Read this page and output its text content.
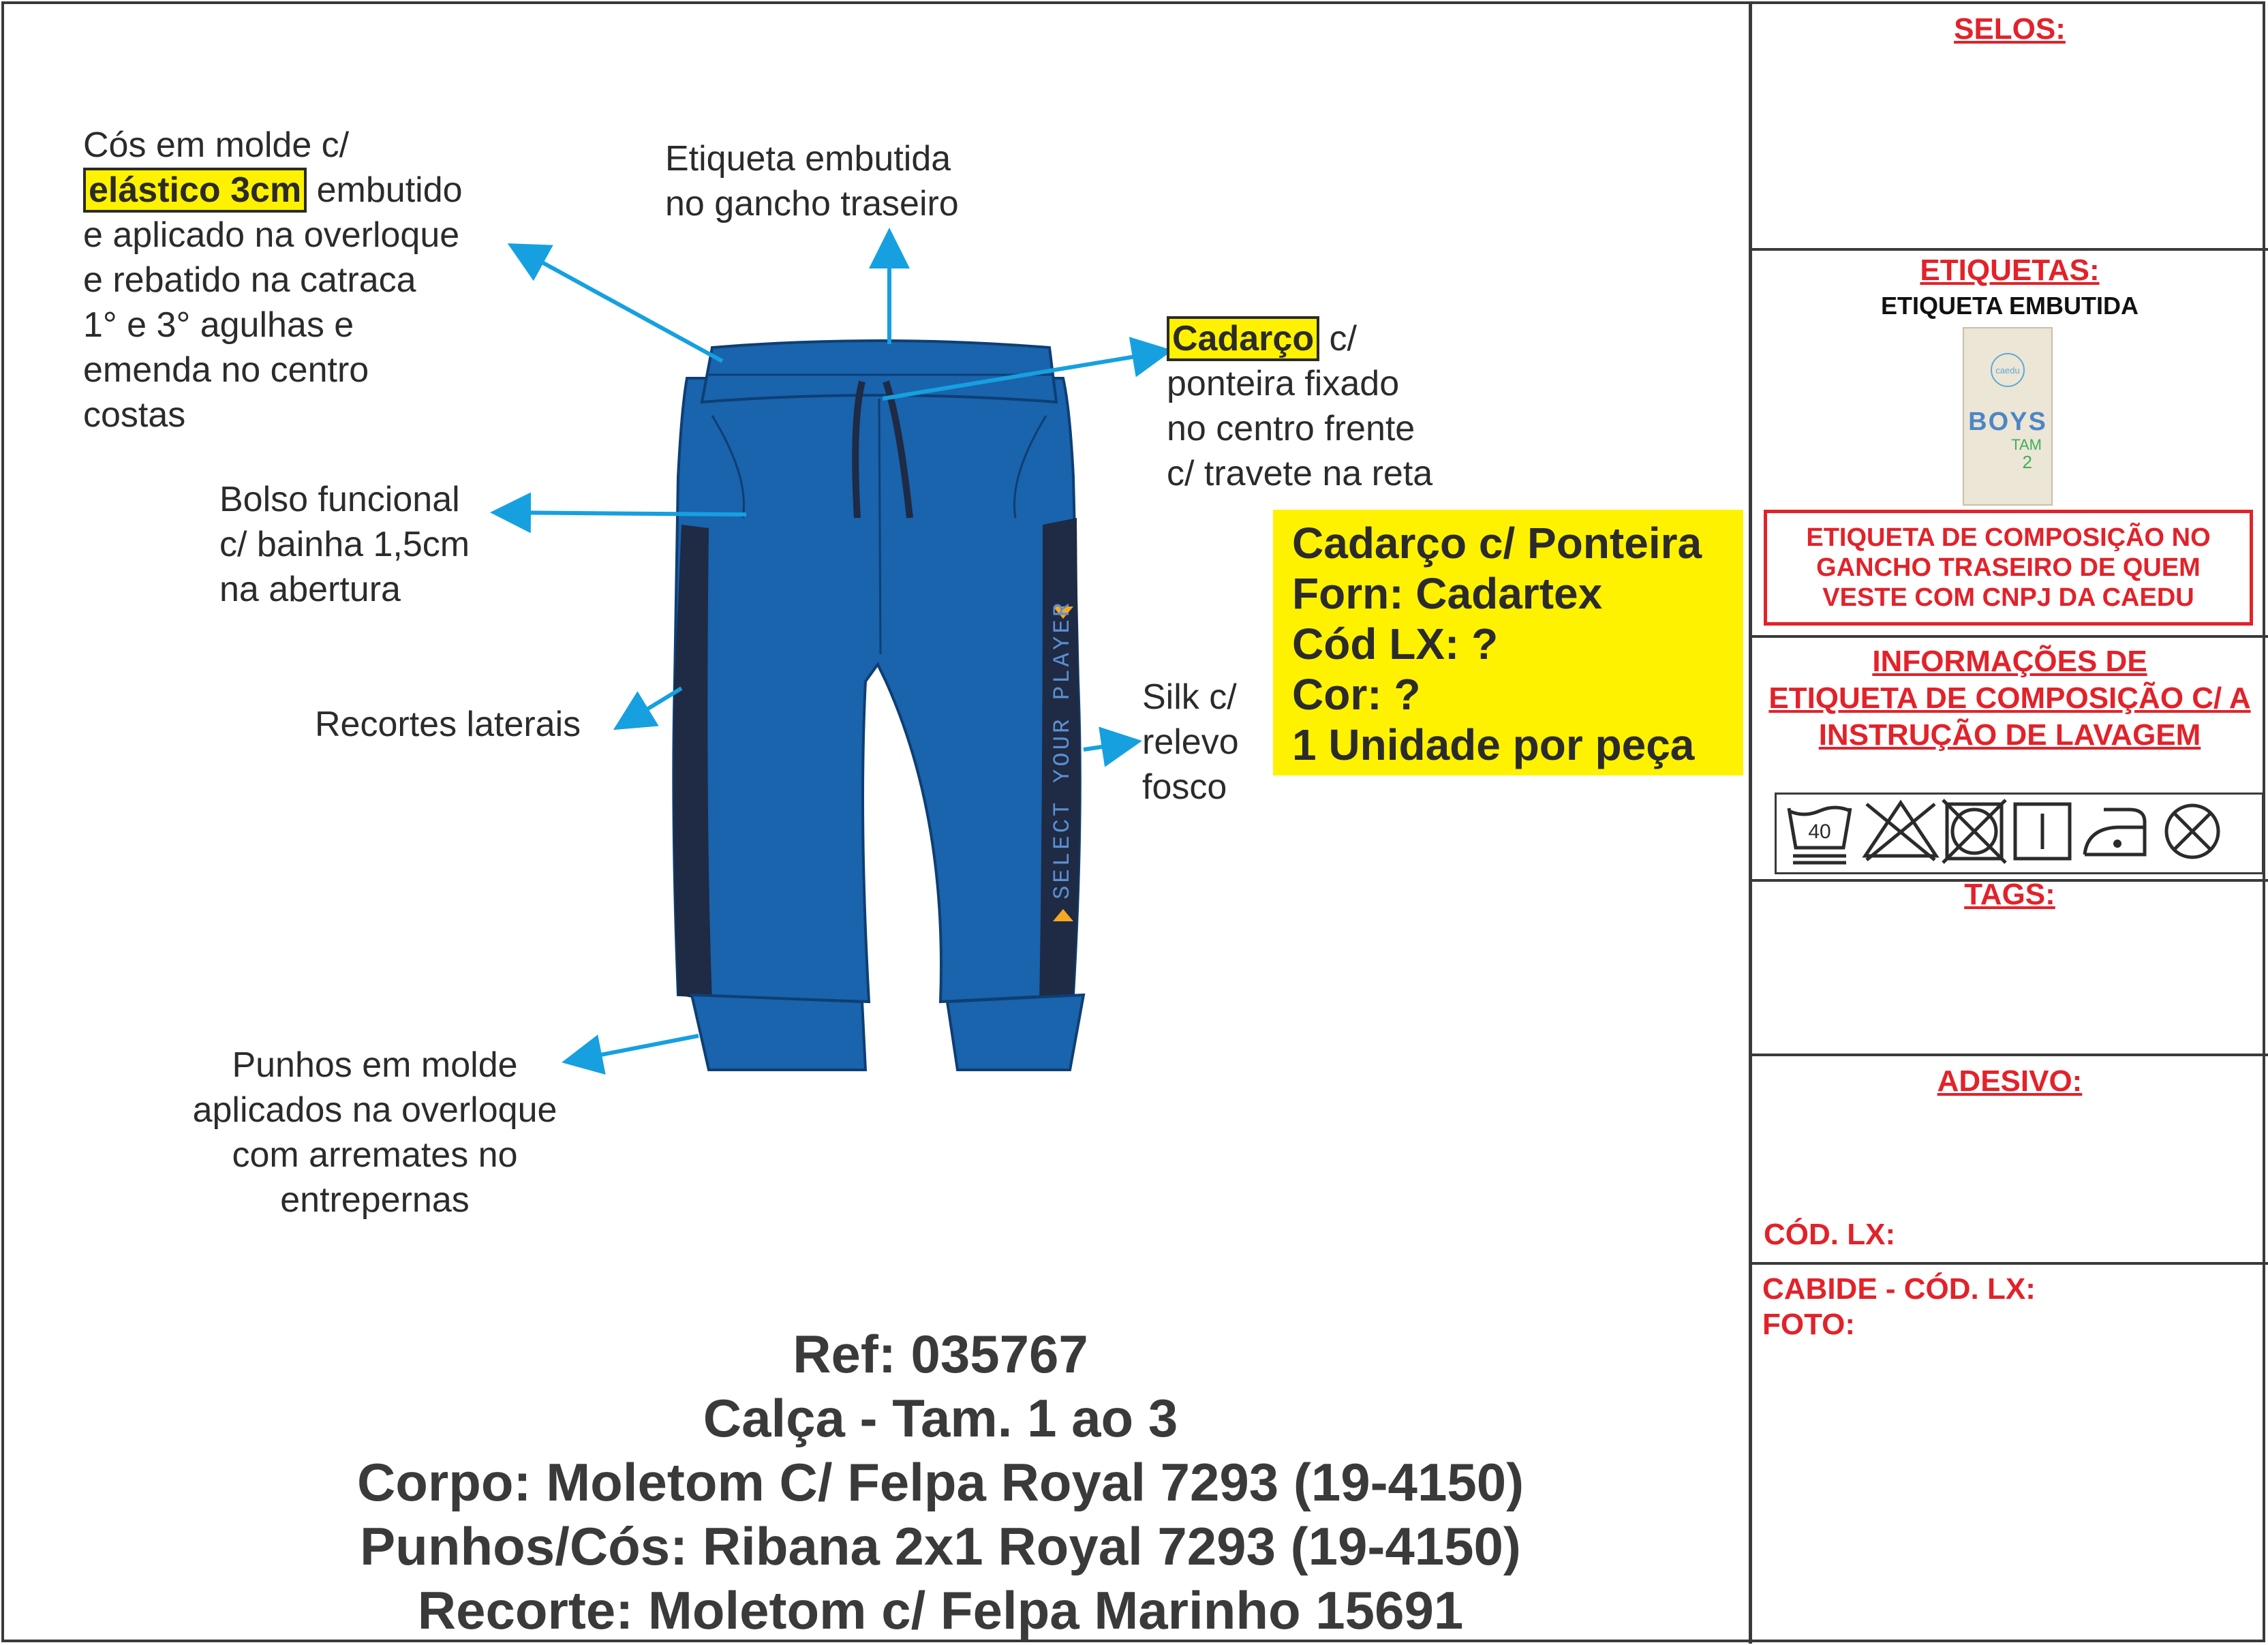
SELECT YOUR PLAYER
Cós em molde c/
elástico 3cm embutido
e aplicado na overloque
e rebatido na catraca
1° e 3° agulhas e
emenda no centro
costas
Etiqueta embutida
no gancho traseiro
Cadarço c/
ponteira fixado
no centro frente
c/ travete na reta
Bolso funcional
c/ bainha 1,5cm
na abertura
Recortes laterais
Silk c/
relevo
fosco
Punhos em molde
aplicados na overloque
com arremates no
entrepernas
Cadarço c/ Ponteira
Forn: Cadartex
Cód LX: ?
Cor: ?
1 Unidade por peça
Ref: 035767
Calça - Tam. 1 ao 3
Corpo: Moletom C/ Felpa Royal 7293 (19-4150)
Punhos/Cós: Ribana 2x1 Royal 7293 (19-4150)
Recorte: Moletom c/ Felpa Marinho 15691
SELOS:
ETIQUETAS:
ETIQUETA EMBUTIDA
caedu
BOYS
TAM
2
ETIQUETA DE COMPOSIÇÃO NO
GANCHO TRASEIRO DE QUEM
VESTE COM CNPJ DA CAEDU
INFORMAÇÕES DE
ETIQUETA DE COMPOSIÇÃO C/ A
INSTRUÇÃO DE LAVAGEM
40
TAGS:
ADESIVO:
CÓD. LX:
CABIDE - CÓD. LX:
FOTO:
